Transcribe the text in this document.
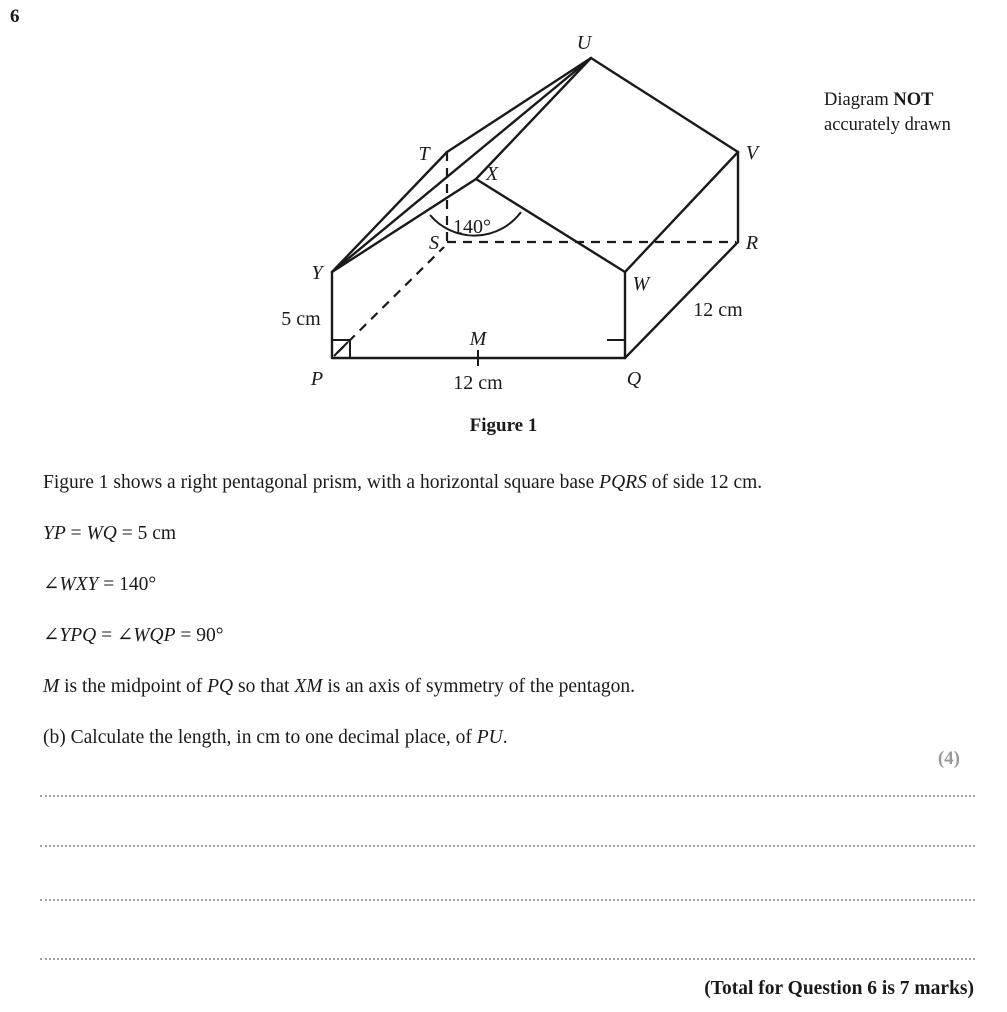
6
Diagram NOT
accurately drawn
U
T	V
X
S	R
Y	W
P	Q
M
140°
5 cm	12 cm
12 cm
Figure 1

Figure 1 shows a right pentagonal prism, with a horizontal square base PQRS of side 12 cm.

YP = WQ = 5 cm

∠WXY = 140°

∠YPQ = ∠WQP = 90°

M is the midpoint of PQ so that XM is an axis of symmetry of the pentagon.

(b) Calculate the length, in cm to one decimal place, of PU.

(4)
(Total for Question 6 is 7 marks)
